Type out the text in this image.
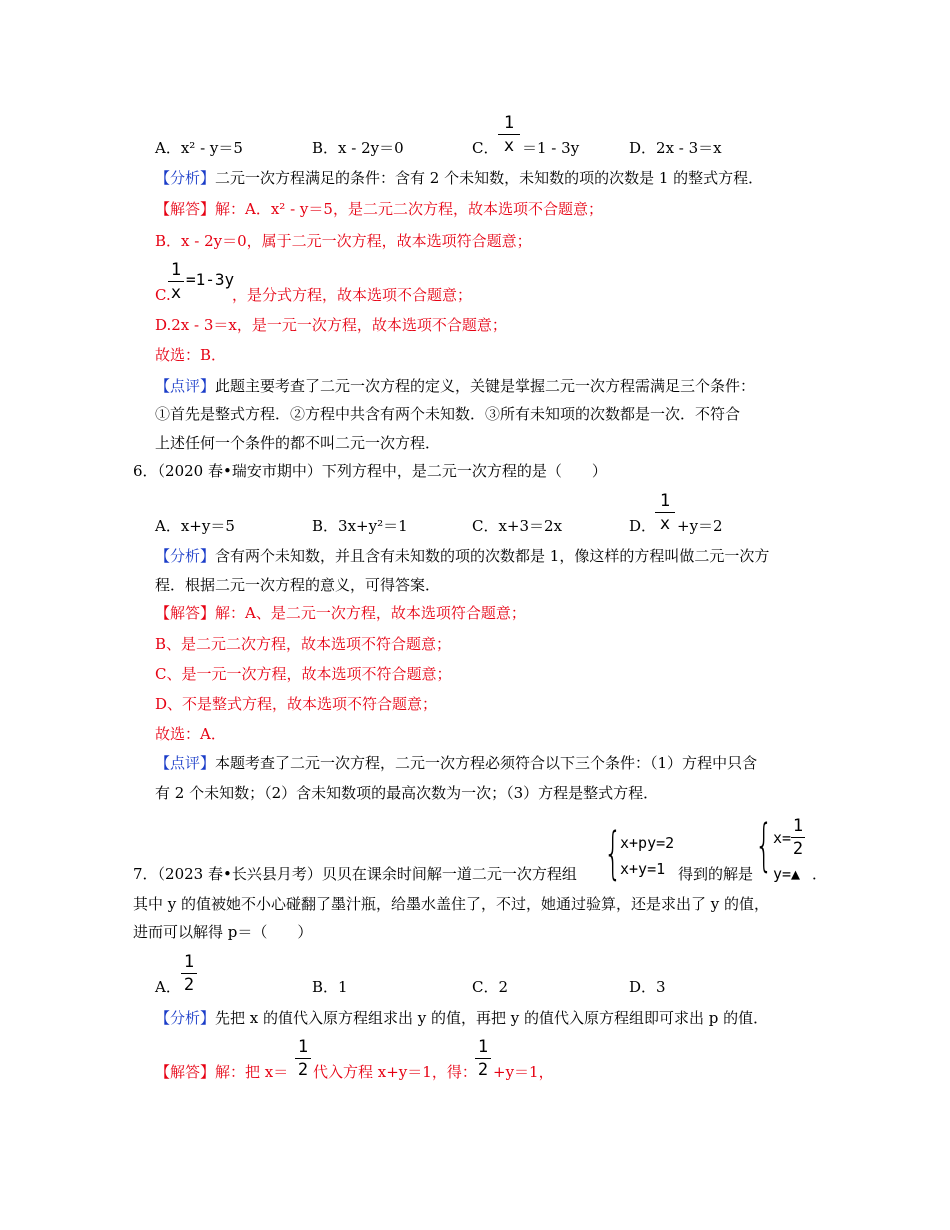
A．x² - y＝5	B．x - 2y＝0	C．
1
x ＝1 - 3y	D．2x - 3＝x
【分析】二元一次方程满足的条件：含有 2 个未知数，未知数的项的次数是 1 的整式方程．
【解答】解：A．x² - y＝5，是二元二次方程，故本选项不合题意；
B．x - 2y＝0，属于二元一次方程，故本选项符合题意；
C.
1
x
=1-3y
，是分式方程，故本选项不合题意；
D.2x - 3＝x，是一元一次方程，故本选项不合题意；
故选：B．
【点评】此题主要考查了二元一次方程的定义，关键是掌握二元一次方程需满足三个条件：
①首先是整式方程．②方程中共含有两个未知数．③所有未知项的次数都是一次．不符合
上述任何一个条件的都不叫二元一次方程．
6．（2020 春•瑞安市期中）下列方程中，是二元一次方程的是（　　）
A．x+y＝5	B．3x+y²＝1	C．x+3＝2x	D．
1
x +y＝2
【分析】含有两个未知数，并且含有未知数的项的次数都是 1，像这样的方程叫做二元一次方
程．根据二元一次方程的意义，可得答案．
【解答】解：A、是二元一次方程，故本选项符合题意；
B、是二元二次方程，故本选项不符合题意；
C、是一元一次方程，故本选项不符合题意；
D、不是整式方程，故本选项不符合题意；
故选：A．
【点评】本题考查了二元一次方程，二元一次方程必须符合以下三个条件：（1）方程中只含
有 2 个未知数；（2）含未知数项的最高次数为一次；（3）方程是整式方程．
7．（2023 春•长兴县月考）贝贝在课余时间解一道二元一次方程组 {
x+py=2
x+y=1 得到的解是 { x=
1
2
y=▲ ．
其中 y 的值被她不小心碰翻了墨汁瓶，给墨水盖住了，不过，她通过验算，还是求出了 y 的值，
进而可以解得 p＝（　　）
A．
1
2	B．1	C．2	D．3
【分析】先把 x 的值代入原方程组求出 y 的值，再把 y 的值代入原方程组即可求出 p 的值．
【解答】解：把 x＝
1
2 代入方程 x+y＝1，得：
1
2 +y＝1，
